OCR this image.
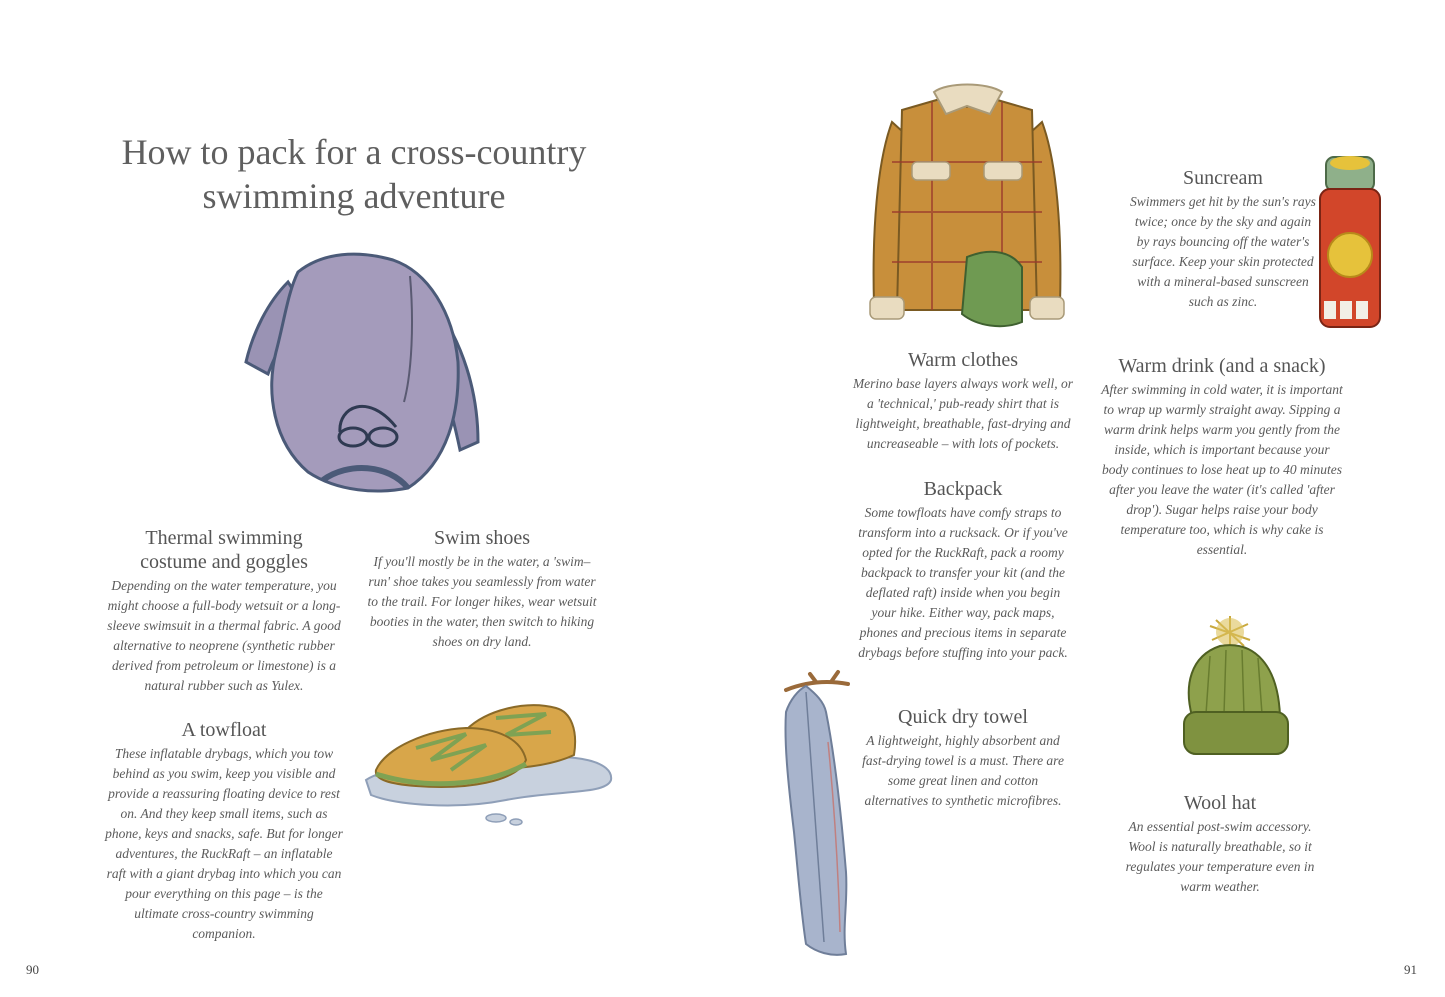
How to pack for a cross-country
swimming adventure
Thermal swimming
costume and goggles
Depending on the water temperature, you might choose a full-body wetsuit or a long-sleeve swimsuit in a thermal fabric. A good alternative to neoprene (synthetic rubber derived from petroleum or limestone) is a natural rubber such as Yulex.
Swim shoes
If you'll mostly be in the water, a 'swim–run' shoe takes you seamlessly from water to the trail. For longer hikes, wear wetsuit booties in the water, then switch to hiking shoes on dry land.
A towfloat
These inflatable drybags, which you tow behind as you swim, keep you visible and provide a reassuring floating device to rest on. And they keep small items, such as phone, keys and snacks, safe. But for longer adventures, the RuckRaft – an inflatable raft with a giant drybag into which you can pour everything on this page – is the ultimate cross-country swimming companion.
Suncream
Swimmers get hit by the sun's rays twice; once by the sky and again by rays bouncing off the water's surface. Keep your skin protected with a mineral-based sunscreen such as zinc.
Warm clothes
Merino base layers always work well, or a 'technical,' pub-ready shirt that is lightweight, breathable, fast-drying and uncreaseable – with lots of pockets.
Warm drink (and a snack)
After swimming in cold water, it is important to wrap up warmly straight away. Sipping a warm drink helps warm you gently from the inside, which is important because your body continues to lose heat up to 40 minutes after you leave the water (it's called 'after drop'). Sugar helps raise your body temperature too, which is why cake is essential.
Backpack
Some towfloats have comfy straps to transform into a rucksack. Or if you've opted for the RuckRaft, pack a roomy backpack to transfer your kit (and the deflated raft) inside when you begin your hike. Either way, pack maps, phones and precious items in separate drybags before stuffing into your pack.
Quick dry towel
A lightweight, highly absorbent and fast-drying towel is a must. There are some great linen and cotton alternatives to synthetic microfibres.	Wool hat
An essential post-swim accessory. Wool is naturally breathable, so it regulates your temperature even in warm weather.
90	91
